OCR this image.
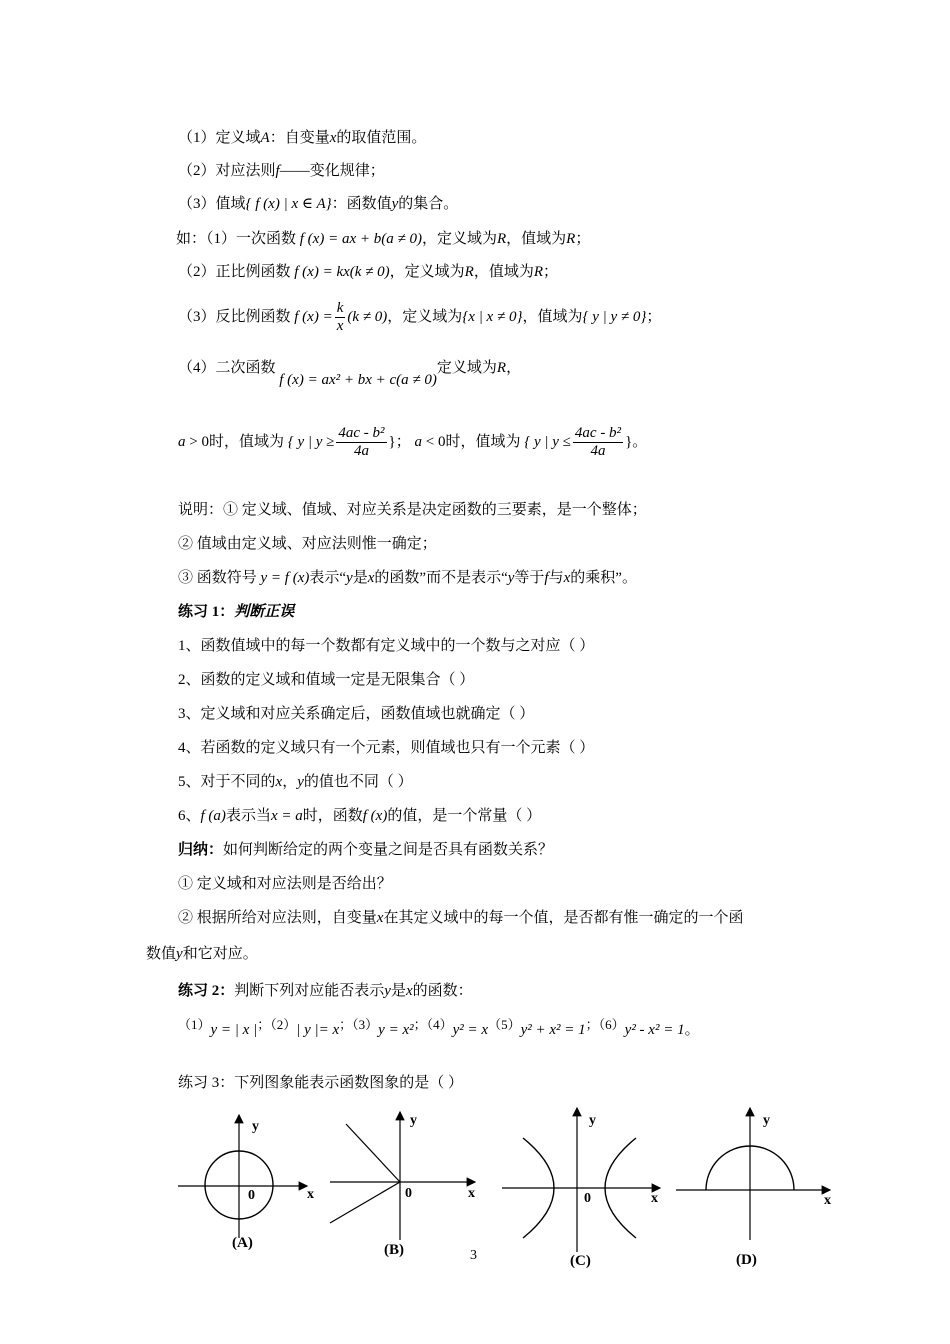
（1）定义域A：自变量x的取值范围。
（2）对应法则f——变化规律；
（3）值域{ f (x) | x ∈ A}：函数值y的集合。
如：（1）一次函数 f (x) = ax + b(a ≠ 0)，定义域为R，值域为R；
（2）正比例函数 f (x) = kx(k ≠ 0)，定义域为R，值域为R；
（3）反比例函数 f $(x) = \frac{k}{x} (k \ne 0)$，定义域为{x | x ≠ 0}，值域为{ y | y ≠ 0}；
（4）二次函数 f (x) = ax² + bx + c(a ≠ 0)定义域为R，
a > 0时，值域为 { y | $y \ge \frac{\text{4ac - b²}}{4a}$ }； a < 0时，值域为 { y | $y \le \frac{\text{4ac - b²}}{4a}$ }。
说明：① 定义域、值域、对应关系是决定函数的三要素，是一个整体；
② 值域由定义域、对应法则惟一确定；
③ 函数符号 y = f (x)表示“y是x的函数”而不是表示“y等于f与x的乘积”。
练习 1：判断正误
1、函数值域中的每一个数都有定义域中的一个数与之对应（ ）
2、函数的定义域和值域一定是无限集合（ ）
3、定义域和对应关系确定后，函数值域也就确定（ ）
4、若函数的定义域只有一个元素，则值域也只有一个元素（ ）
5、对于不同的x，y的值也不同（ ）
6、f (a)表示当x = a时，函数f (x)的值，是一个常量（ ）
归纳：如何判断给定的两个变量之间是否具有函数关系？
① 定义域和对应法则是否给出？
② 根据所给对应法则，自变量x在其定义域中的每一个值，是否都有惟一确定的一个函
数值y和它对应。
练习 2：判断下列对应能否表示y是x的函数：
（1）y = | x |；（2）| y |= x；（3）y = x²；（4）y² = x（5）y² + x² = 1；（6）y² - x² = 1。
练习 3：下列图象能表示函数图象的是（ ）
y
x
0
y
x
0
y
x
0
y
x
(A)	(B)
(C)	(D)
3
